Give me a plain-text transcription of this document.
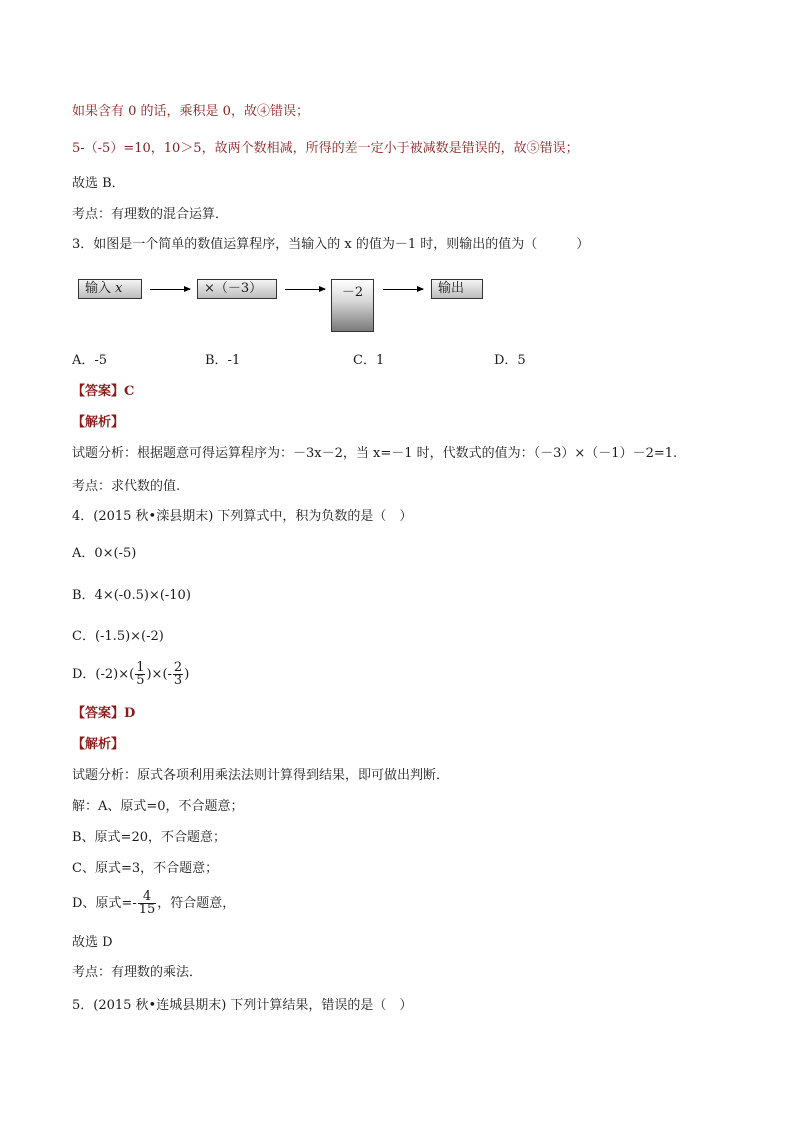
如果含有 0 的话，乘积是 0，故④错误；
5-（-5）=10，10＞5，故两个数相减，所得的差一定小于被减数是错误的，故⑤错误；
故选 B．
考点：有理数的混合运算．
3．如图是一个简单的数值运算程序，当输入的 x 的值为－1 时，则输出的值为（　　　）
输入 𝑥	×（－3）	－2	输出
A．-5	B．-1	C．1	D．5
【答案】C
【解析】
试题分析：根据题意可得运算程序为：－3x－2，当 x=－1 时，代数式的值为：（－3）×（－1）－2=1.
考点：求代数的值.
4．(2015 秋•滦县期末) 下列算式中，积为负数的是（　）
A．0×(-5)
B．4×(-0.5)×(-10)
C．(-1.5)×(-2)
D．$(-2)\times( \frac{1}{5}$ )×(- $\frac{2}{3}$ )
【答案】D
【解析】
试题分析：原式各项利用乘法法则计算得到结果，即可做出判断．
解：A、原式=0，不合题意；
B、原式=20，不合题意；
C、原式=3，不合题意；
D、原式=- $\frac{4}{15}$ ，符合题意，
故选 D
考点：有理数的乘法．
5．(2015 秋•连城县期末) 下列计算结果，错误的是（　）
